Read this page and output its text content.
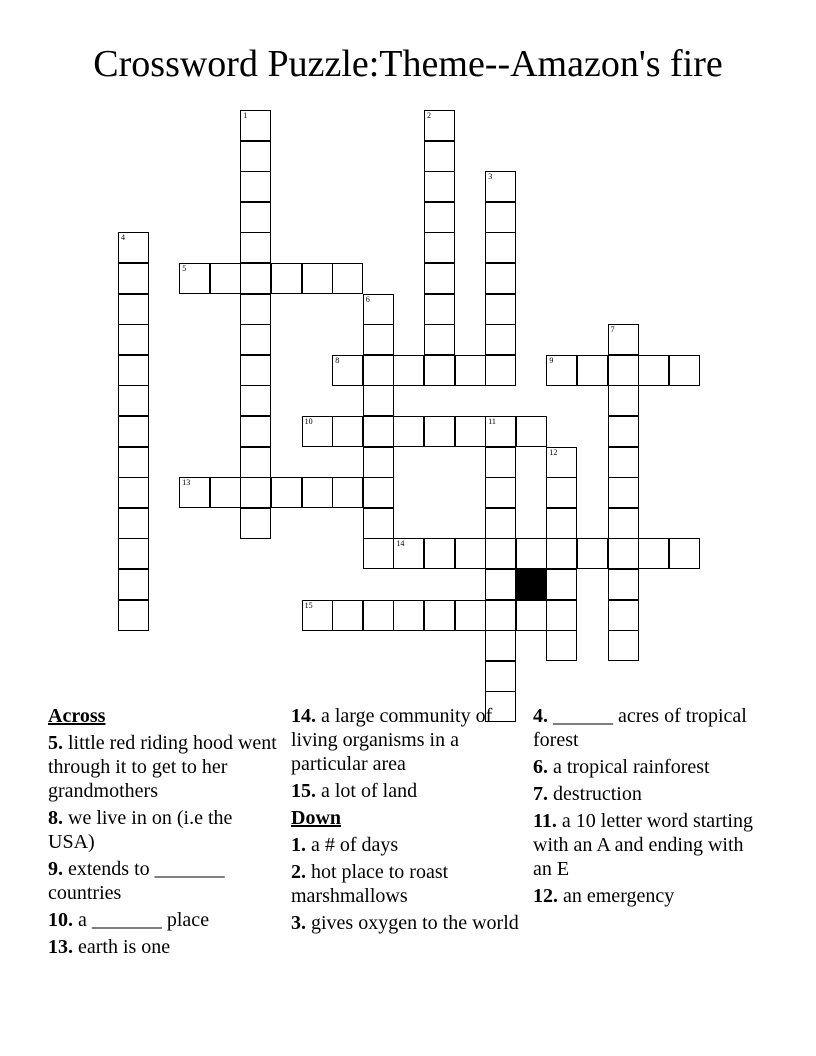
Crossword Puzzle:Theme--Amazon's fire
1	2
3
4
5
6
7
8	9
10	11
12
13
14
15
Across
5. little red riding hood went through it to get to her grandmothers
8. we live in on (i.e the USA)
9. extends to _______ countries
10. a _______ place
13. earth is one
14. a large community of living organisms in a particular area
15. a lot of land
Down
1. a # of days
2. hot place to roast marshmallows
3. gives oxygen to the world
4. ______ acres of tropical forest
6. a tropical rainforest
7. destruction
11. a 10 letter word starting with an A and ending with an E
12. an emergency
